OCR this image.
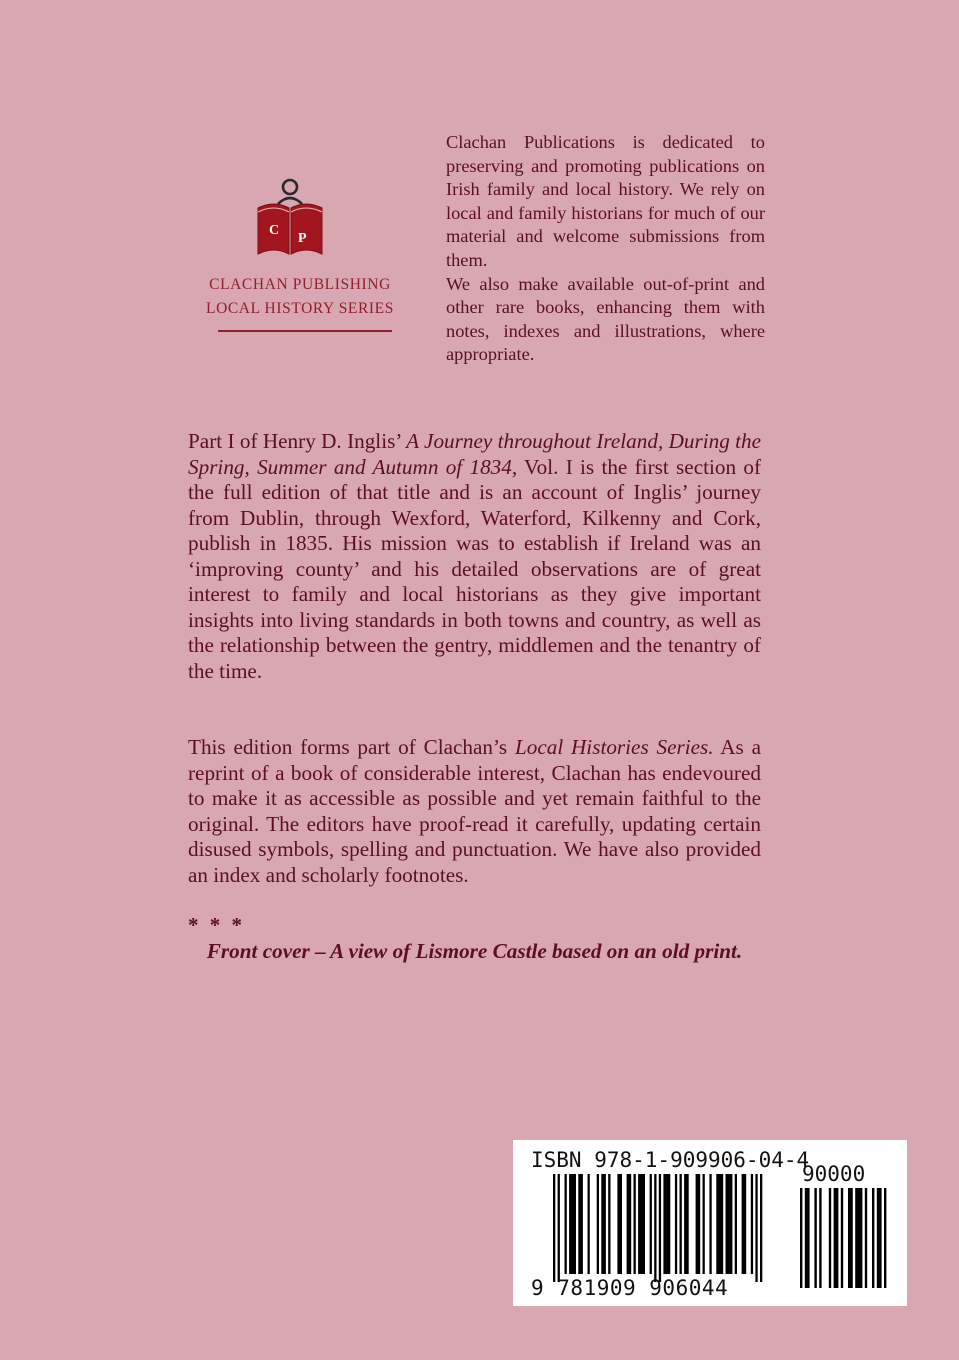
C
P
CLACHAN PUBLISHING
LOCAL HISTORY SERIES

Clachan Publications is dedicated to preserving and promoting publications on Irish family and local history. We rely on local and family historians for much of our material and welcome submissions from them.

We also make available out-of-print and other rare books, enhancing them with notes, indexes and illustrations, where appropriate.

Part I of Henry D. Inglis’ A Journey throughout Ireland, During the Spring, Summer and Autumn of 1834, Vol. I is the first section of the full edition of that title and is an account of Inglis’ journey from Dublin, through Wexford, Waterford, Kilkenny and Cork, publish in 1835. His mission was to establish if Ireland was an ‘improving county’ and his detailed observations are of great interest to family and local historians as they give important insights into living standards in both towns and country, as well as the relationship between the gentry, middlemen and the tenantry of the time.

This edition forms part of Clachan’s Local Histories Series. As a reprint of a book of considerable interest, Clachan has endevoured to make it as accessible as possible and yet remain faithful to the original. The editors have proof-read it carefully, updating certain disused symbols, spelling and punctuation. We have also provided an index and scholarly footnotes.

* * *

Front cover – A view of Lismore Castle based on an old print.

ISBN 978-1-909906-04-4
9 781909 906044
90000
